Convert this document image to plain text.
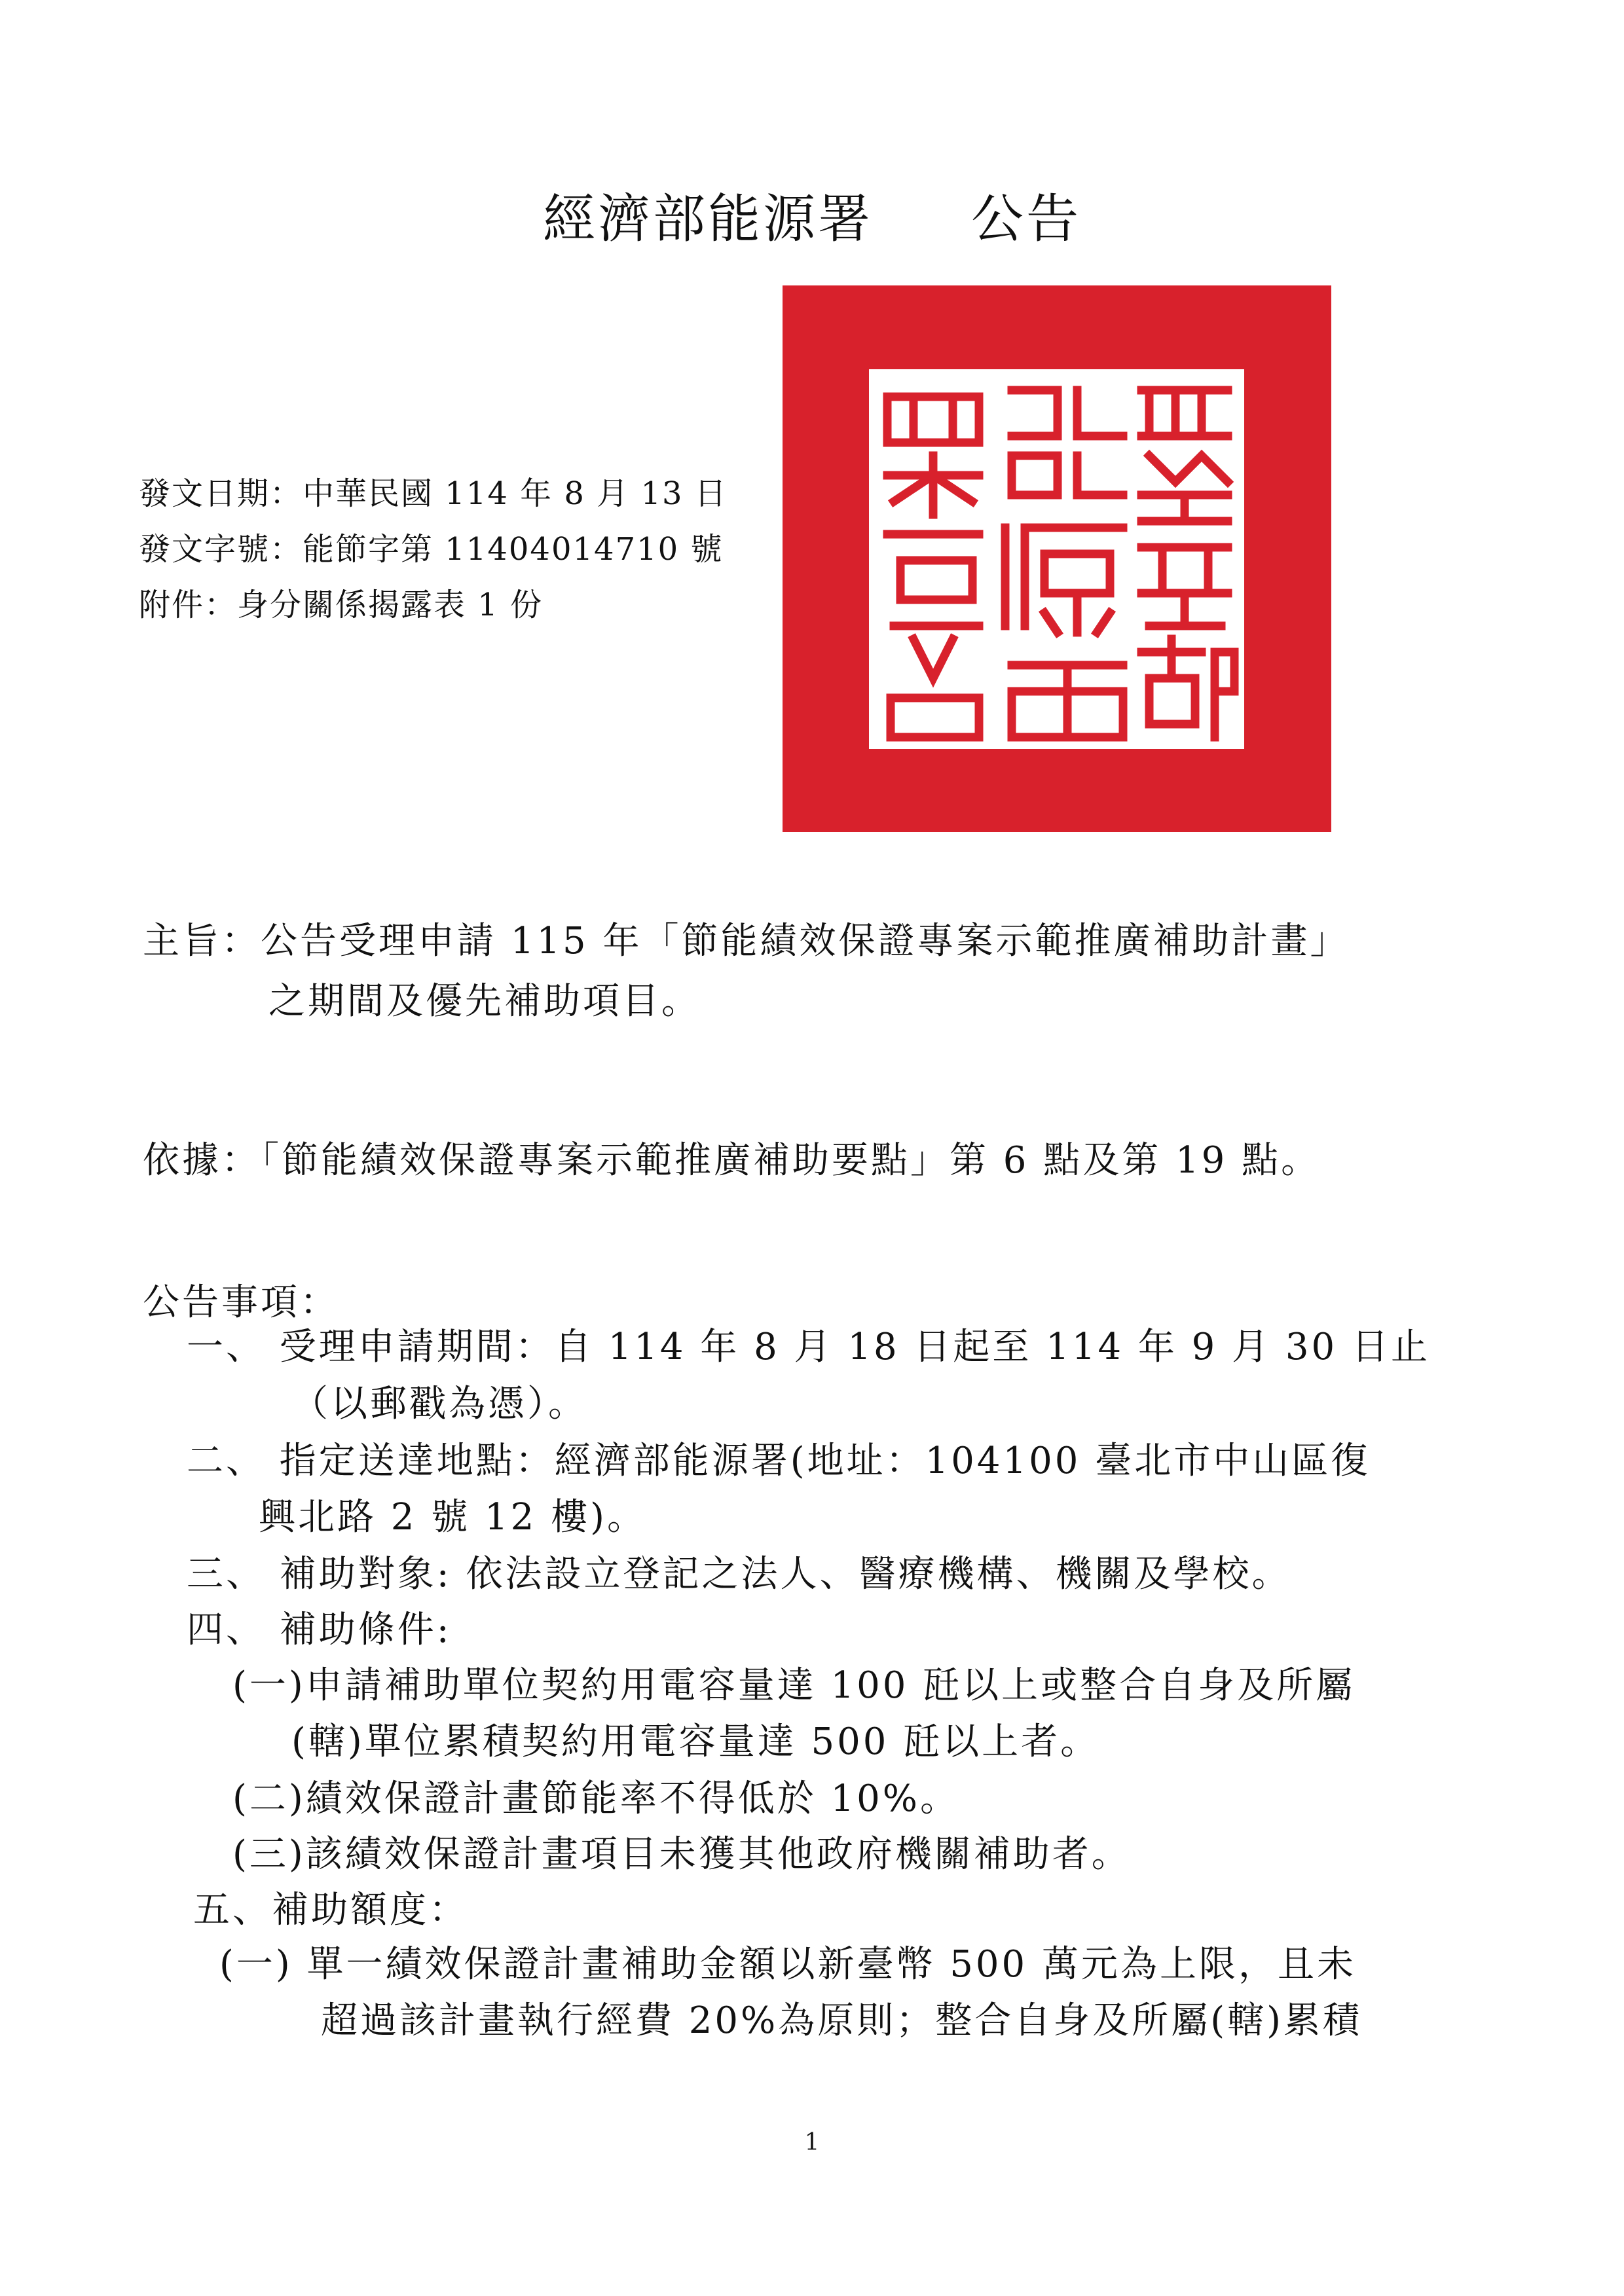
經濟部能源署 公告
發文日期：中華民國 114 年 8 月 13 日
發文字號：能節字第 11404014710 號
附件：身分關係揭露表 1 份
主旨：公告受理申請 115 年「節能績效保證專案示範推廣補助計畫」
之期間及優先補助項目。
依據：「節能績效保證專案示範推廣補助要點」第 6 點及第 19 點。
公告事項：
一、 受理申請期間：自 114 年 8 月 18 日起至 114 年 9 月 30 日止
（以郵戳為憑）。
二、 指定送達地點：經濟部能源署(地址：104100 臺北市中山區復
興北路 2 號 12 樓)。
三、 補助對象: 依法設立登記之法人、醫療機構、機關及學校。
四、 補助條件:
(一)申請補助單位契約用電容量達 100 瓩以上或整合自身及所屬
(轄)單位累積契約用電容量達 500 瓩以上者。
(二)績效保證計畫節能率不得低於 10%。
(三)該績效保證計畫項目未獲其他政府機關補助者。
五、補助額度：
(一) 單一績效保證計畫補助金額以新臺幣 500 萬元為上限，且未
超過該計畫執行經費 20%為原則；整合自身及所屬(轄)累積
1
